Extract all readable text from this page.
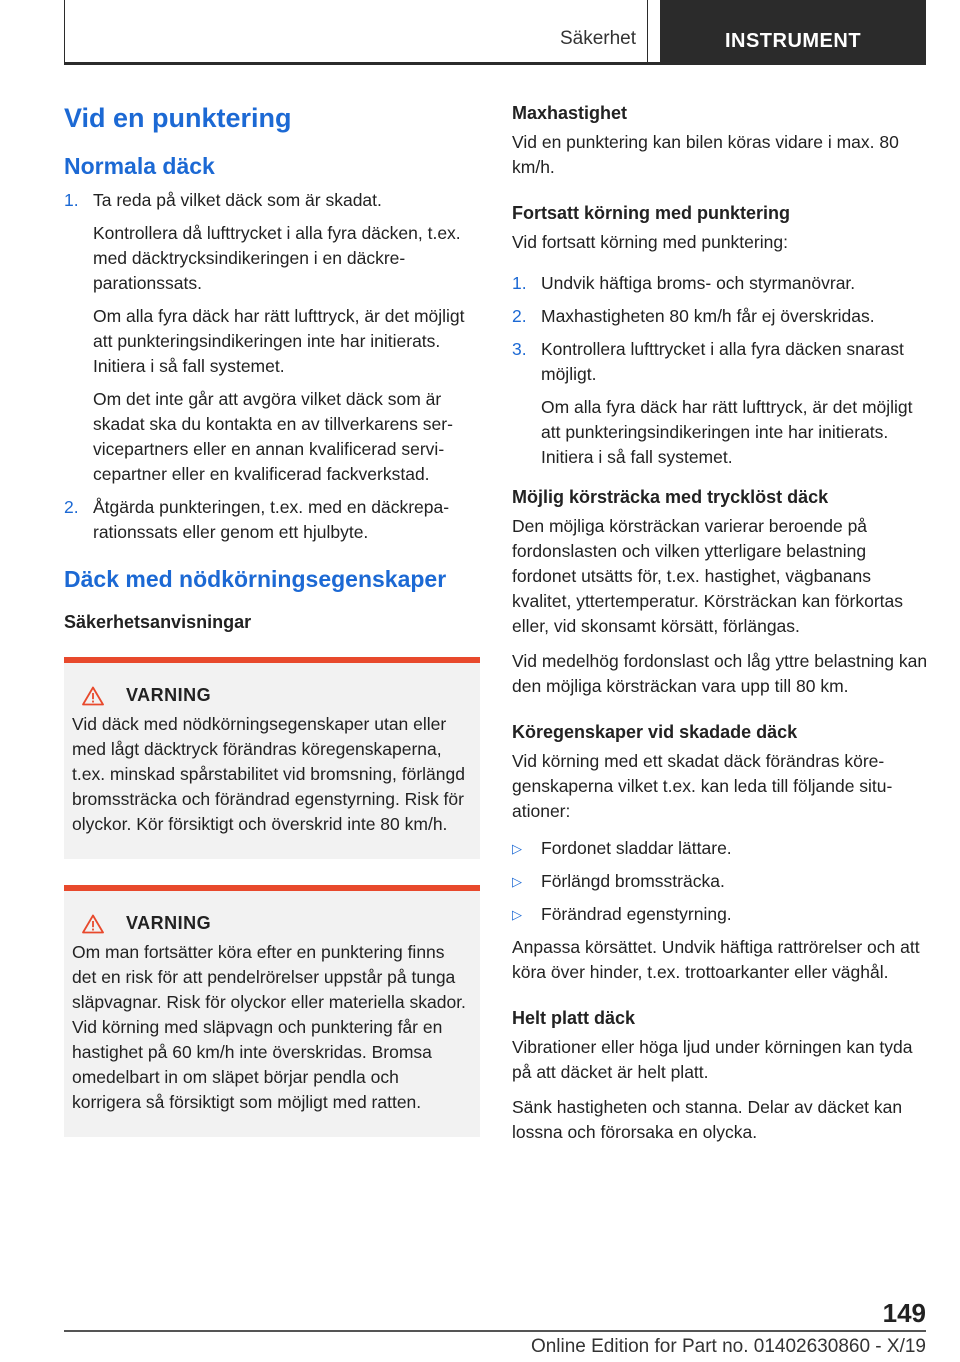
Säkerhet	INSTRUMENT
Vid en punktering
Normala däck
1. Ta reda på vilket däck som är skadat.

Kontrollera då lufttrycket i alla fyra däcken, t.ex. med däcktrycksindikeringen i en däckreparationssats.

Om alla fyra däck har rätt lufttryck, är det möjligt att punkteringsindikeringen inte har initierats. Initiera i så fall systemet.

Om det inte går att avgöra vilket däck som är skadat ska du kontakta en av tillverkarens servicepartners eller en annan kvalificerad servicepartner eller en kvalificerad fackverkstad.

2. Åtgärda punkteringen, t.ex. med en däckreparationssats eller genom ett hjulbyte.

Däck med nödkörningsegenskaper
Säkerhetsanvisningar
VARNING

Vid däck med nödkörningsegenskaper utan eller med lågt däcktryck förändras köregenskaperna, t.ex. minskad spårstabilitet vid bromsning, förlängd bromssträcka och förändrad egenstyrning. Risk för olyckor. Kör försiktigt och överskrid inte 80 km/h.

VARNING

Om man fortsätter köra efter en punktering finns det en risk för att pendelrörelser uppstår på tunga släpvagnar. Risk för olyckor eller materiella skador. Vid körning med släpvagn och punktering får en hastighet på 60 km/h inte överskridas. Bromsa omedelbart in om släpet börjar pendla och korrigera så försiktigt som möjligt med ratten.

Maxhastighet

Vid en punktering kan bilen köras vidare i max. 80 km/h.

Fortsatt körning med punktering

Vid fortsatt körning med punktering:

1. Undvik häftiga broms- och styrmanövrar.

2. Maxhastigheten 80 km/h får ej överskridas.

3. Kontrollera lufttrycket i alla fyra däcken snarast möjligt.

Om alla fyra däck har rätt lufttryck, är det möjligt att punkteringsindikeringen inte har initierats. Initiera i så fall systemet.

Möjlig körsträcka med trycklöst däck

Den möjliga körsträckan varierar beroende på fordonslasten och vilken ytterligare belastning fordonet utsätts för, t.ex. hastighet, vägbanans kvalitet, yttertemperatur. Körsträckan kan förkortas eller, vid skonsamt körsätt, förlängas.

Vid medelhög fordonslast och låg yttre belastning kan den möjliga körsträckan vara upp till 80 km.

Köregenskaper vid skadade däck

Vid körning med ett skadat däck förändras köregenskaperna vilket t.ex. kan leda till följande situationer:

▷ Fordonet sladdar lättare.
▷ Förlängd bromssträcka.
▷ Förändrad egenstyrning.

Anpassa körsättet. Undvik häftiga rattrörelser och att köra över hinder, t.ex. trottoarkanter eller väghål.

Helt platt däck

Vibrationer eller höga ljud under körningen kan tyda på att däcket är helt platt.

Sänk hastigheten och stanna. Delar av däcket kan lossna och förorsaka en olycka.

149
Online Edition for Part no. 01402630860 - X/19
